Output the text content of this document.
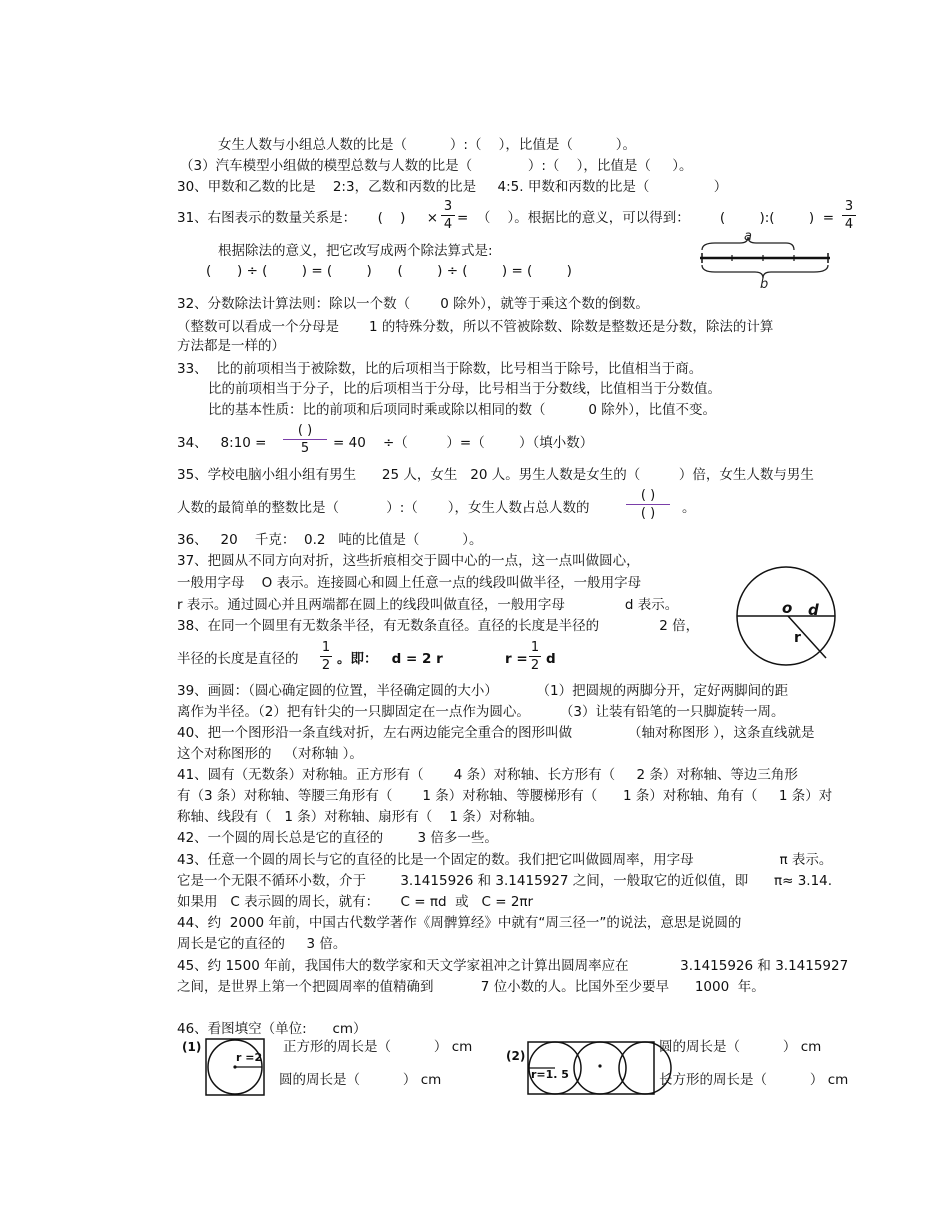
女生人数与小组总人数的比是（          ）:（    ），比值是（          ）。
（3）汽车模型小组做的模型总数与人数的比是（             ）:（    ），比值是（     ）。
30、甲数和乙数的比是    2:3，乙数和丙数的比是     4:5. 甲数和丙数的比是（               ）
31、右图表示的数量关系是：     (    )     ×
3
4 =  （    ）。根据比的意义，可以得到：       (        ):(        )  =
3
4
根据除法的意义，把它改写成两个除法算式是:
(      ) ÷ (        ) = (        )      (        ) ÷ (        ) = (        )
a
b
32、分数除法计算法则：除以一个数（       0 除外），就等于乘这个数的倒数。
（整数可以看成一个分母是       1 的特殊分数，所以不管被除数、除数是整数还是分数，除法的计算
方法都是一样的）
33、  比的前项相当于被除数，比的后项相当于除数，比号相当于除号，比值相当于商。
比的前项相当于分子，比的后项相当于分母，比号相当于分数线，比值相当于分数值。
比的基本性质：比的前项和后项同时乘或除以相同的数（          0 除外），比值不变。
34、   8:10 =
( )
5	= 40    ÷（         ）=（        ）（填小数）
35、学校电脑小组小组有男生      25 人，女生   20 人。男生人数是女生的（         ）倍，女生人数与男生
人数的最简单的整数比是（           ）:（       ），女生人数占总人数的
( )
( )	。
36、   20    千克：  0.2   吨的比值是（          ）。
37、把圆从不同方向对折，这些折痕相交于圆中心的一点，这一点叫做圆心，
一般用字母    O 表示。连接圆心和圆上任意一点的线段叫做半径，一般用字母
r 表示。通过圆心并且两端都在圆上的线段叫做直径，一般用字母              d 表示。	o d
r
38、在同一个圆里有无数条半径，有无数条直径。直径的长度是半径的              2 倍，
半径的长度是直径的
1
2 。即：   d = 2 r	r =
1
2 d
39、画圆：（圆心确定圆的位置，半径确定圆的大小）         （1）把圆规的两脚分开，定好两脚间的距
离作为半径。（2）把有针尖的一只脚固定在一点作为圆心。       （3）让装有铅笔的一只脚旋转一周。
40、把一个图形沿一条直线对折，左右两边能完全重合的图形叫做             （轴对称图形 ），这条直线就是
这个对称图形的   （对称轴 ）。
41、圆有（无数条）对称轴。正方形有（       4 条）对称轴、长方形有（     2 条）对称轴、等边三角形
有（3 条）对称轴、等腰三角形有（       1 条）对称轴、等腰梯形有（      1 条）对称轴、角有（     1 条）对
称轴、线段有（   1 条）对称轴、扇形有（    1 条）对称轴。
42、一个圆的周长总是它的直径的        3 倍多一些。
43、任意一个圆的周长与它的直径的比是一个固定的数。我们把它叫做圆周率，用字母                    π 表示。
它是一个无限不循环小数，介于        3.1415926 和 3.1415927 之间，一般取它的近似值，即      π≈ 3.14.
如果用   C 表示圆的周长，就有：     C = πd  或   C = 2πr
44、约  2000 年前，中国古代数学著作《周髀算经》中就有“周三径一”的说法，意思是说圆的
周长是它的直径的     3 倍。
45、约 1500 年前，我国伟大的数学家和天文学家祖冲之计算出圆周率应在            3.1415926 和 3.1415927
之间，是世界上第一个把圆周率的值精确到           7 位小数的人。比国外至少要早      1000  年。
46、看图填空（单位:      cm）
(1)
r =2
正方形的周长是（          ） cm
圆的周长是（          ） cm
(2)
r=1. 5
圆的周长是（          ） cm
长方形的周长是（          ） cm
